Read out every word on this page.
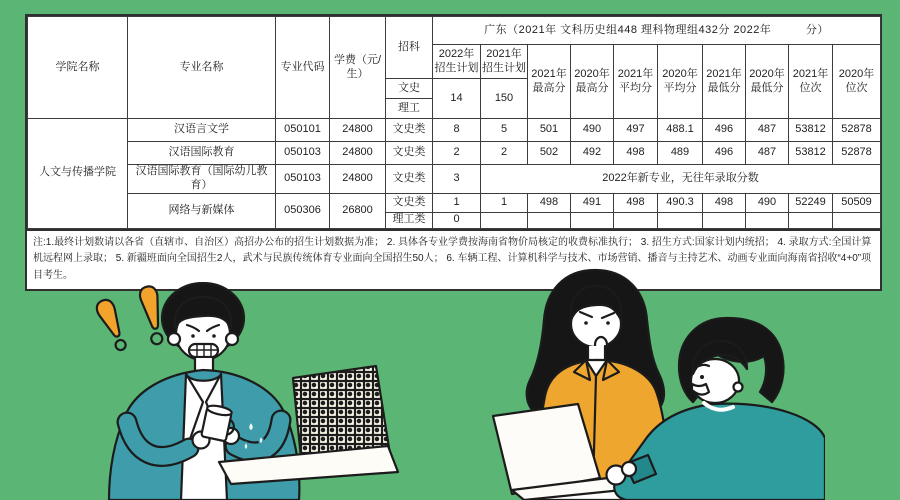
学院名称	专业名称	专业代码	学费（元/生）	招科	广东（2021年 文科历史组448 理科物理组432分 2022年　　　分）									
					2022年招生计划	2021年招生计划	2021年最高分	2020年最高分	2021年平均分	2020年平均分	2021年最低分	2020年最低分	2021年位次	2020年位次
				文史	14	150								
				理工										
人文与传播学院	汉语言文学	050101	24800	文史类	8	5	501	490	497	488.1	496	487	53812	52878
	汉语国际教育	050103	24800	文史类	2	2	502	492	498	489	496	487	53812	52878
	汉语国际教育（国际幼儿教育）	050103	24800	文史类	3	2022年新专业，无往年录取分数								
	网络与新媒体	050306	26800	文史类	1	1	498	491	498	490.3	498	490	52249	50509
				理工类	0									
注:1.最终计划数请以各省（直辖市、自治区）高招办公布的招生计划数据为准； 2. 具体各专业学费按海南省物价局核定的收费标准执行； 3. 招生方式:国家计划内统招； 4. 录取方式:全国计算机远程网上录取； 5. 新疆班面向全国招生2人，武术与民族传统体育专业面向全国招生50人； 6. 车辆工程、计算机科学与技术、市场营销、播音与主持艺术、动画专业面向海南省招收“4+0”项目考生。
